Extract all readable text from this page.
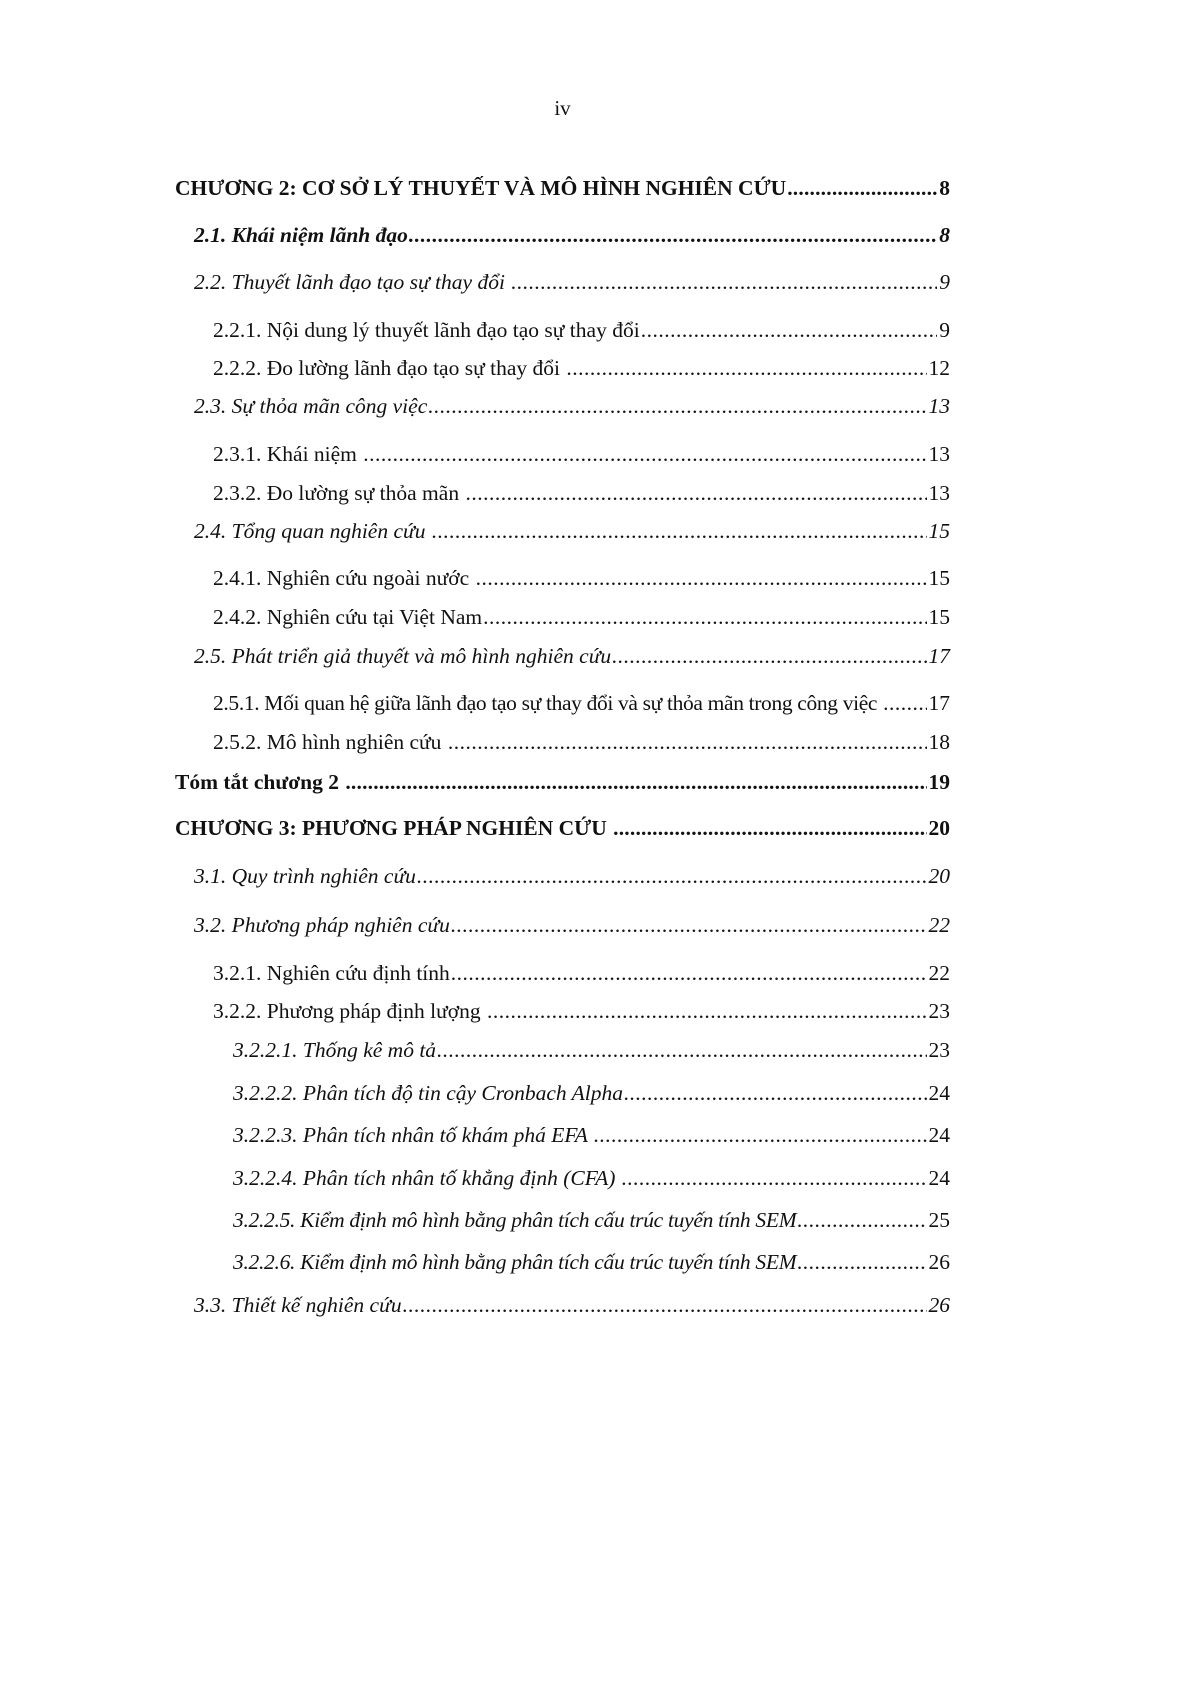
iv
CHƯƠNG 2: CƠ SỞ LÝ THUYẾT VÀ MÔ HÌNH NGHIÊN CỨU .....	8
2.1. Khái niệm lãnh đạo .....	8
2.2. Thuyết lãnh đạo tạo sự thay đổi .....	9
2.2.1. Nội dung lý thuyết lãnh đạo tạo sự thay đổi .....	9
2.2.2. Đo lường lãnh đạo tạo sự thay đổi .....	12
2.3. Sự thỏa mãn công việc .....	13
2.3.1. Khái niệm .....	13
2.3.2. Đo lường sự thỏa mãn .....	13
2.4. Tổng quan nghiên cứu .....	15
2.4.1. Nghiên cứu ngoài nước .....	15
2.4.2. Nghiên cứu tại Việt Nam .....	15
2.5. Phát triển giả thuyết và mô hình nghiên cứu .....	17
2.5.1. Mối quan hệ giữa lãnh đạo tạo sự thay đổi và sự thỏa mãn trong công việc ..... 17
2.5.2. Mô hình nghiên cứu .....	18
Tóm tắt chương 2 .....	19
CHƯƠNG 3: PHƯƠNG PHÁP NGHIÊN CỨU .....	20
3.1. Quy trình nghiên cứu .....	20
3.2. Phương pháp nghiên cứu .....	22
3.2.1. Nghiên cứu định tính .....	22
3.2.2. Phương pháp định lượng .....	23
3.2.2.1. Thống kê mô tả .....	23
3.2.2.2. Phân tích độ tin cậy Cronbach Alpha .....	24
3.2.2.3. Phân tích nhân tố khám phá EFA .....	24
3.2.2.4. Phân tích nhân tố khẳng định (CFA) .....	24
3.2.2.5. Kiểm định mô hình bằng phân tích cấu trúc tuyến tính SEM .....	25
3.2.2.6. Kiểm định mô hình bằng phân tích cấu trúc tuyến tính SEM .....	26
3.3. Thiết kế nghiên cứu .....	26
